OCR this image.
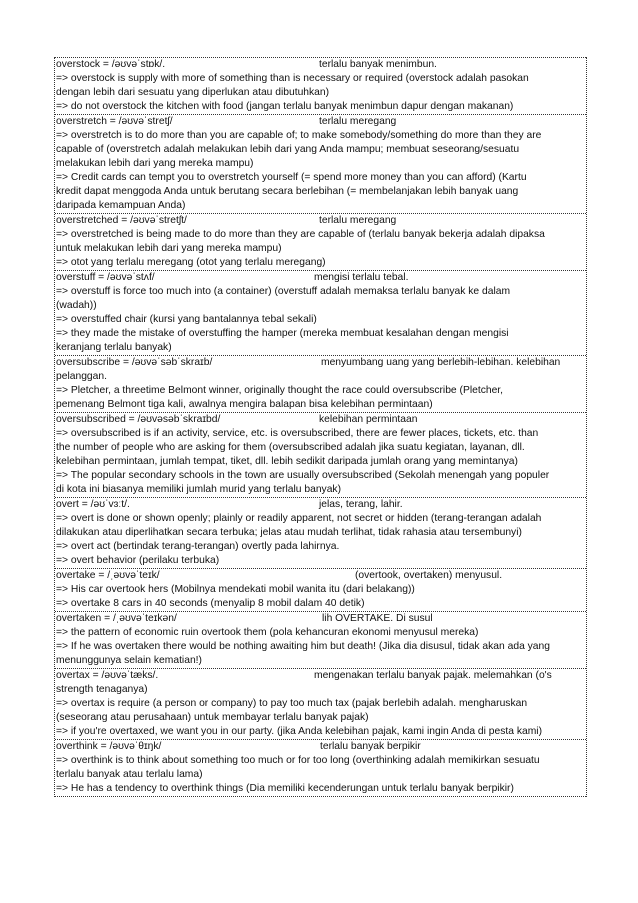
overstock = /əʊvəˈstɒk/.	terlalu banyak menimbun.
=> overstock is supply with more of something than is necessary or required (overstock adalah pasokan
dengan lebih dari sesuatu yang diperlukan atau dibutuhkan)
=> do not overstock the kitchen with food (jangan terlalu banyak menimbun dapur dengan makanan)
overstretch = /əʊvəˈstretʃ/	terlalu meregang
=> overstretch is to do more than you are capable of; to make somebody/something do more than they are
capable of (overstretch adalah melakukan lebih dari yang Anda mampu; membuat seseorang/sesuatu
melakukan lebih dari yang mereka mampu)
=> Credit cards can tempt you to overstretch yourself (= spend more money than you can afford) (Kartu
kredit dapat menggoda Anda untuk berutang secara berlebihan (= membelanjakan lebih banyak uang
daripada kemampuan Anda)
overstretched = /əʊvəˈstretʃt/	terlalu meregang
=> overstretched is being made to do more than they are capable of (terlalu banyak bekerja adalah dipaksa
untuk melakukan lebih dari yang mereka mampu)
=> otot yang terlalu meregang (otot yang terlalu meregang)
overstuff = /əʊvəˈstʌf/	mengisi terlalu tebal.
=> overstuff is force too much into (a container) (overstuff adalah memaksa terlalu banyak ke dalam
(wadah))
=> overstuffed chair (kursi yang bantalannya tebal sekali)
=> they made the mistake of overstuffing the hamper (mereka membuat kesalahan dengan mengisi
keranjang terlalu banyak)
oversubscribe = /əʊvəˈsəbˈskraɪb/	menyumbang uang yang berlebih-lebihan. kelebihan
pelanggan.
=> Pletcher, a threetime Belmont winner, originally thought the race could oversubscribe (Pletcher,
pemenang Belmont tiga kali, awalnya mengira balapan bisa kelebihan permintaan)
oversubscribed = /əʊvəsəbˈskraɪbd/	kelebihan permintaan
=> oversubscribed is if an activity, service, etc. is oversubscribed, there are fewer places, tickets, etc. than
the number of people who are asking for them (oversubscribed adalah jika suatu kegiatan, layanan, dll.
kelebihan permintaan, jumlah tempat, tiket, dll. lebih sedikit daripada jumlah orang yang memintanya)
=> The popular secondary schools in the town are usually oversubscribed (Sekolah menengah yang populer
di kota ini biasanya memiliki jumlah murid yang terlalu banyak)
overt = /əʊˈvɜːt/.	jelas, terang, lahir.
=> overt is done or shown openly; plainly or readily apparent, not secret or hidden (terang-terangan adalah
dilakukan atau diperlihatkan secara terbuka; jelas atau mudah terlihat, tidak rahasia atau tersembunyi)
=> overt act (bertindak terang-terangan) overtly pada lahirnya.
=> overt behavior (perilaku terbuka)
overtake = /ˌəʊvəˈteɪk/	(overtook, overtaken) menyusul.
=> His car overtook hers (Mobilnya mendekati mobil wanita itu (dari belakang))
=> overtake 8 cars in 40 seconds (menyalip 8 mobil dalam 40 detik)
overtaken = /ˌəʊvəˈteɪkən/	lih OVERTAKE. Di susul
=> the pattern of economic ruin overtook them (pola kehancuran ekonomi menyusul mereka)
=> If he was overtaken there would be nothing awaiting him but death! (Jika dia disusul, tidak akan ada yang
menunggunya selain kematian!)
overtax = /əʊvəˈtæks/.	mengenakan terlalu banyak pajak. melemahkan (o's
strength tenaganya)
=> overtax is require (a person or company) to pay too much tax (pajak berlebih adalah. mengharuskan
(seseorang atau perusahaan) untuk membayar terlalu banyak pajak)
=> if you're overtaxed, we want you in our party. (jika Anda kelebihan pajak, kami ingin Anda di pesta kami)
overthink = /əʊvəˈθɪŋk/	terlalu banyak berpikir
=> overthink is to think about something too much or for too long (overthinking adalah memikirkan sesuatu
terlalu banyak atau terlalu lama)
=> He has a tendency to overthink things (Dia memiliki kecenderungan untuk terlalu banyak berpikir)
